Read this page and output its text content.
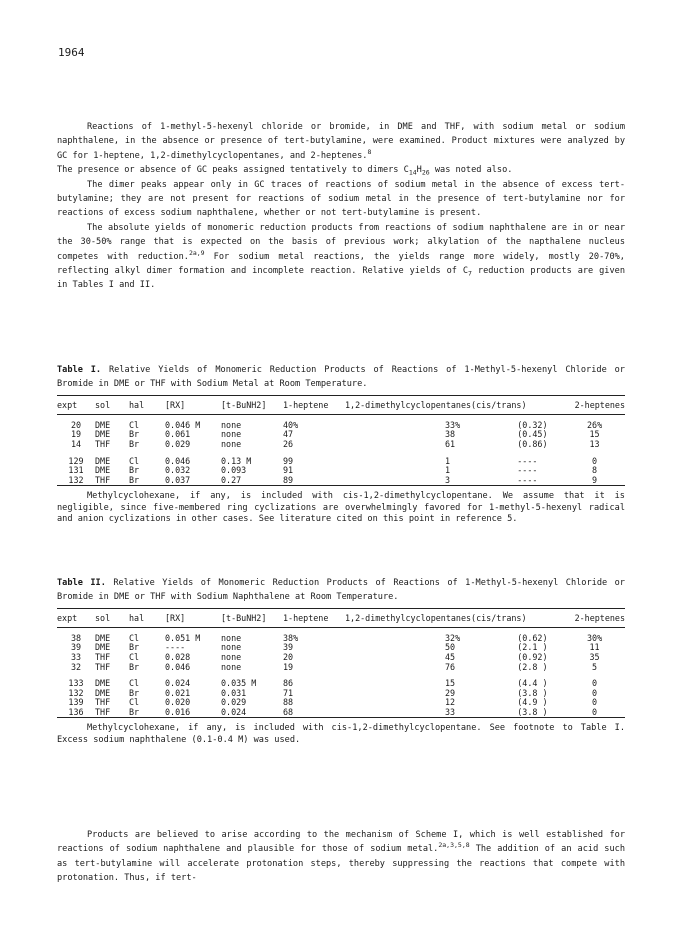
1964

Reactions of 1-methyl-5-hexenyl chloride or bromide, in DME and THF, with sodium metal or sodium naphthalene, in the absence or presence of tert-butylamine, were examined. Product mixtures were analyzed by GC for 1-heptene, 1,2-dimethylcyclopentanes, and 2-heptenes.$^8$
The presence or absence of GC peaks assigned tentatively to dimers $C_{14}H_{26}$ was noted also.

The dimer peaks appear only in GC traces of reactions of sodium metal in the absence of excess tert-butylamine; they are not present for reactions of sodium metal in the presence of tert-butylamine nor for reactions of excess sodium naphthalene, whether or not tert-butylamine is present.

The absolute yields of monomeric reduction products from reactions of sodium naphthalene are in or near the 30-50% range that is expected on the basis of previous work; alkylation of the napthalene nucleus competes with reduction.$^{2a,9}$ For sodium metal reactions, the yields range more widely, mostly 20-70%, reflecting alkyl dimer formation and incomplete reaction. Relative yields of $C_7$ reduction products are given in Tables I and II.

Table I. Relative Yields of Monomeric Reduction Products of Reactions of 1-Methyl-5-hexenyl Chloride or Bromide in DME or THF with Sodium Metal at Room Temperature.

expt	sol	hal	[RX]	[t-BuNH2]	1-heptene	1,2-dimethylcyclopentanes(cis/trans)		2-heptenes

20	DME	Cl	0.046 M	none	40%	33%	(0.32)	26%
19	DME	Br	0.061	none	47	38	(0.45)	15
14	THF	Br	0.029	none	26	61	(0.86)	13

129	DME	Cl	0.046	0.13 M	99	1	----	0
131	DME	Br	0.032	0.093	91	1	----	8
132	THF	Br	0.037	0.27	89	3	----	9

Methylcyclohexane, if any, is included with cis-1,2-dimethylcyclopentane. We assume that it is negligible, since five-membered ring cyclizations are overwhelmingly favored for 1-methyl-5-hexenyl radical and anion cyclizations in other cases. See literature cited on this point in reference 5.

Table II. Relative Yields of Monomeric Reduction Products of Reactions of 1-Methyl-5-hexenyl Chloride or Bromide in DME or THF with Sodium Naphthalene at Room Temperature.

expt	sol	hal	[RX]	[t-BuNH2]	1-heptene	1,2-dimethylcyclopentanes(cis/trans)		2-heptenes

38	DME	Cl	0.051 M	none	38%	32%	(0.62)	30%
39	DME	Br	----	none	39	50	(2.1 )	11
33	THF	Cl	0.028	none	20	45	(0.92)	35
32	THF	Br	0.046	none	19	76	(2.8 )	5

133	DME	Cl	0.024	0.035 M	86	15	(4.4 )	0
132	DME	Br	0.021	0.031	71	29	(3.8 )	0
139	THF	Cl	0.020	0.029	88	12	(4.9 )	0
136	THF	Br	0.016	0.024	68	33	(3.8 )	0

Methylcyclohexane, if any, is included with cis-1,2-dimethylcyclopentane. See footnote to Table I. Excess sodium naphthalene (0.1-0.4 M) was used.

Products are believed to arise according to the mechanism of Scheme I, which is well established for reactions of sodium naphthalene and plausible for those of sodium metal.$^{2a,3,5,8}$ The addition of an acid such as tert-butylamine will accelerate protonation steps, thereby suppressing the reactions that compete with protonation. Thus, if tert-
